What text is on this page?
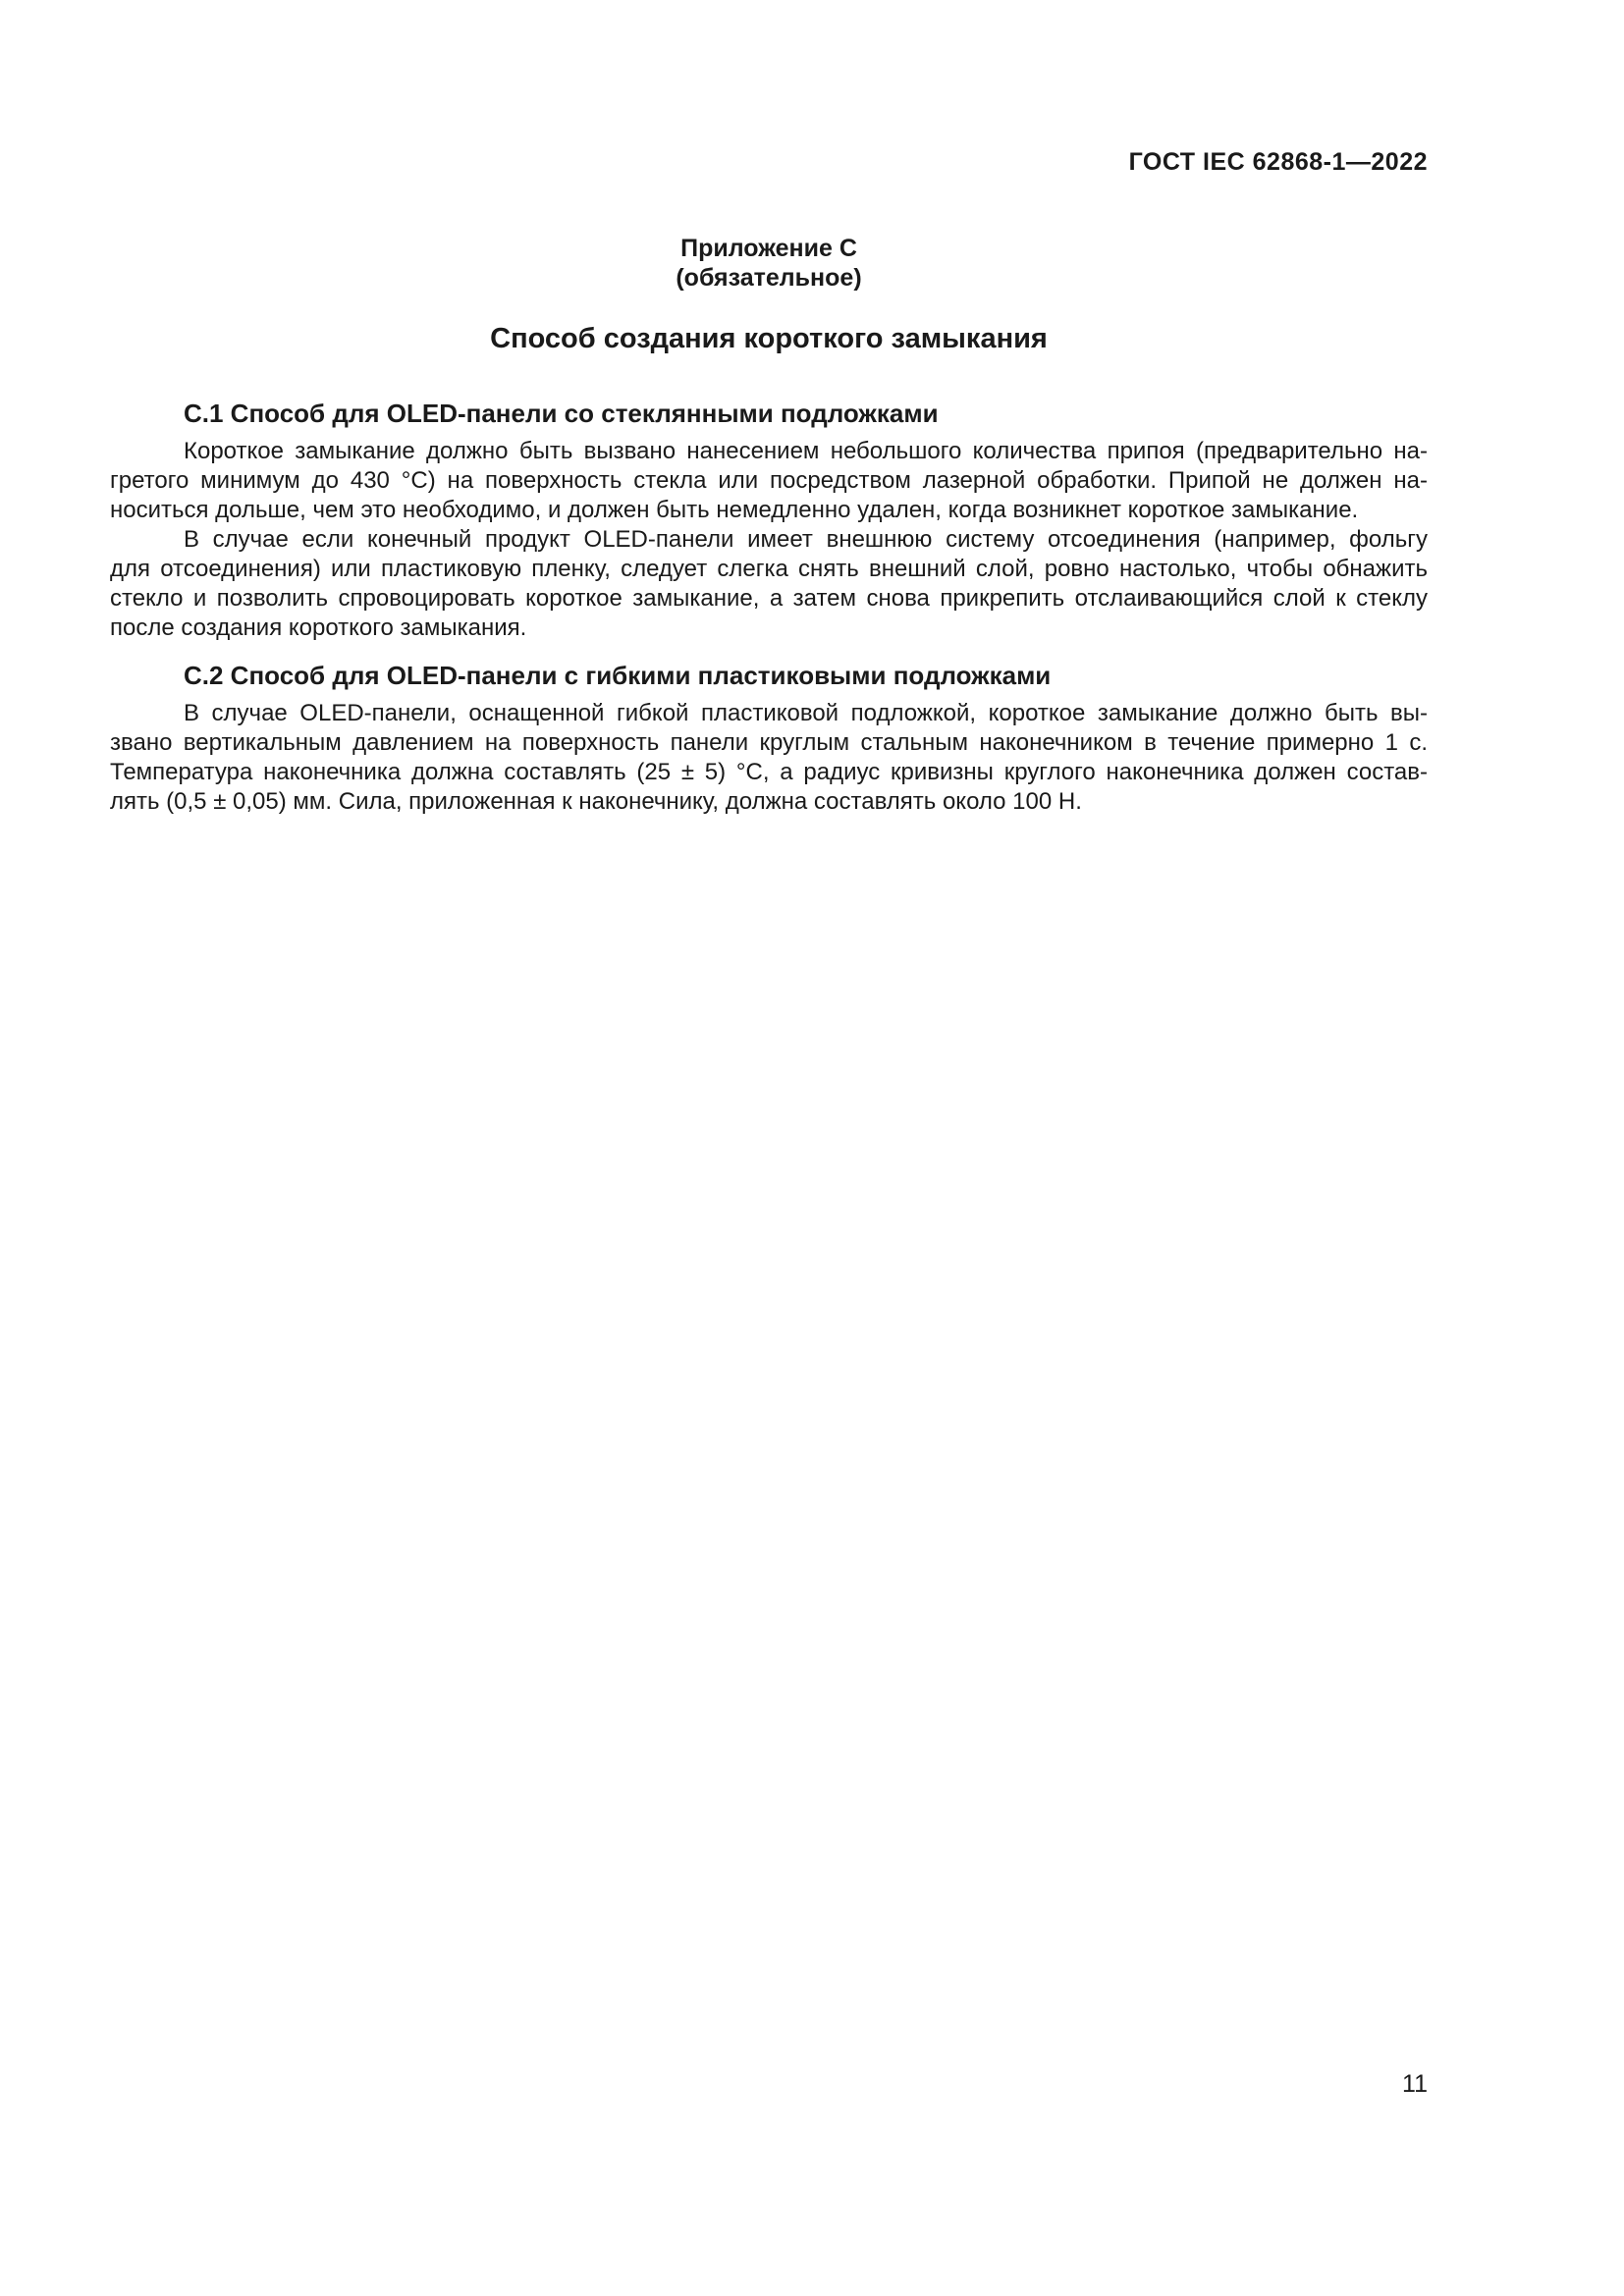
ГОСТ IEC 62868-1—2022
Приложение С
(обязательное)
Способ создания короткого замыкания
С.1 Способ для OLED-панели со стеклянными подложками
Короткое замыкание должно быть вызвано нанесением небольшого количества припоя (предварительно на-
гретого минимум до 430 °С) на поверхность стекла или посредством лазерной обработки. Припой не должен на-
носиться дольше, чем это необходимо, и должен быть немедленно удален, когда возникнет короткое замыкание.
В случае если конечный продукт OLED-панели имеет внешнюю систему отсоединения (например, фольгу
для отсоединения) или пластиковую пленку, следует слегка снять внешний слой, ровно настолько, чтобы обнажить
стекло и позволить спровоцировать короткое замыкание, а затем снова прикрепить отслаивающийся слой к стеклу
после создания короткого замыкания.
С.2 Способ для OLED-панели с гибкими пластиковыми подложками
В случае OLED-панели, оснащенной гибкой пластиковой подложкой, короткое замыкание должно быть вы-
звано вертикальным давлением на поверхность панели круглым стальным наконечником в течение примерно 1 с.
Температура наконечника должна составлять (25 ± 5) °С, а радиус кривизны круглого наконечника должен состав-
лять (0,5 ± 0,05) мм. Сила, приложенная к наконечнику, должна составлять около 100 Н.
11
